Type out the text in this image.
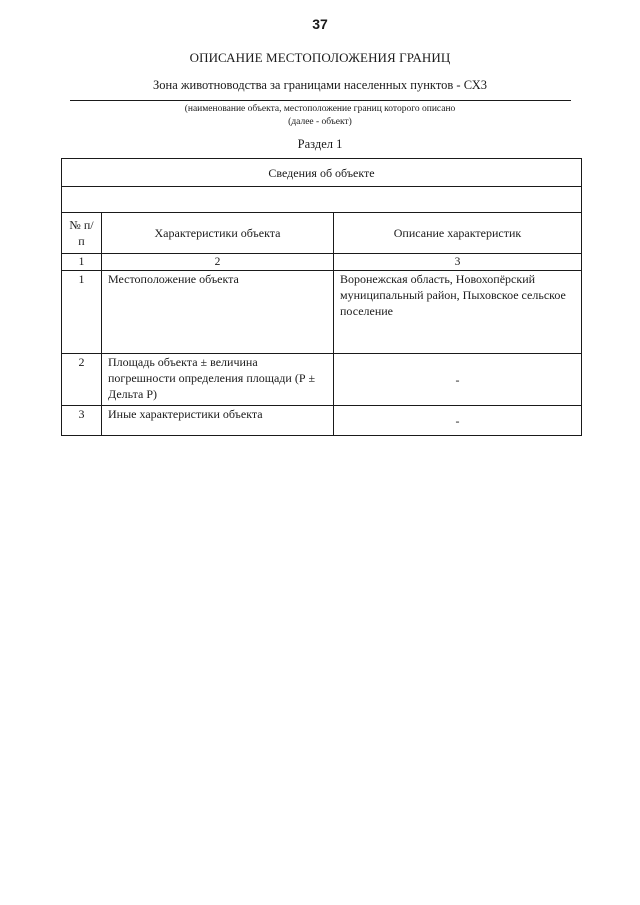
37
ОПИСАНИЕ МЕСТОПОЛОЖЕНИЯ ГРАНИЦ
Зона животноводства за границами населенных пунктов - СХ3
(наименование объекта, местоположение границ которого описано
(далее - объект)
Раздел 1
Сведения об объекте		

№ п/п	Характеристики объекта	Описание характеристик
1	2	3
1	Местоположение объекта	Воронежская область, Новохопёрский муниципальный район, Пыховское сельское поселение
2	Площадь объекта ± величина погрешности определения площади (Р ± Дельта Р)	-
3	Иные характеристики объекта	-
